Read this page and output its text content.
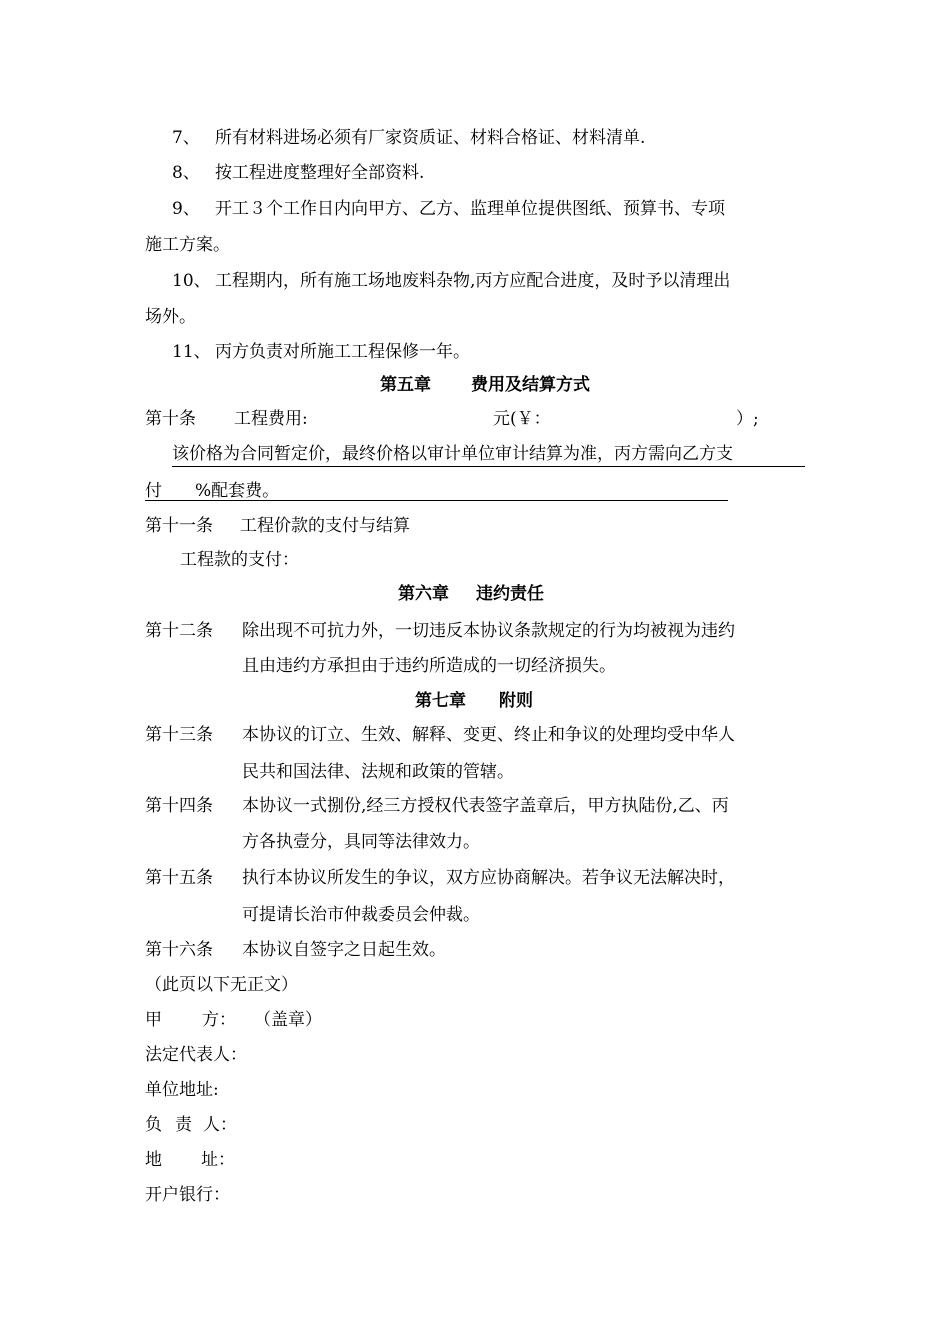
7、 所有材料进场必须有厂家资质证、材料合格证、材料清单.
8、 按工程进度整理好全部资料.
9、 开工３个工作日内向甲方、乙方、监理单位提供图纸、预算书、专项
施工方案。
10、 工程期内，所有施工场地废料杂物,丙方应配合进度，及时予以清理出
场外。
11、 丙方负责对所施工工程保修一年。
第五章 费用及结算方式
第十条 工程费用:	元(￥：	）;
该价格为合同暂定价，最终价格以审计单位审计结算为准，丙方需向乙方支
付 %配套费。
第十一条 工程价款的支付与结算
工程款的支付：
第六章 违约责任
第十二条 除出现不可抗力外，一切违反本协议条款规定的行为均被视为违约
且由违约方承担由于违约所造成的一切经济损失。
第七章 附则
第十三条 本协议的订立、生效、解释、变更、终止和争议的处理均受中华人
民共和国法律、法规和政策的管辖。
第十四条 本协议一式捌份,经三方授权代表签字盖章后，甲方执陆份,乙、丙
方各执壹分，具同等法律效力。
第十五条 执行本协议所发生的争议，双方应协商解决。若争议无法解决时，
可提请长治市仲裁委员会仲裁。
第十六条 本协议自签字之日起生效。
（此页以下无正文）
甲 方： （盖章）
法定代表人：
单位地址:
负 责 人：
地 址：
开户银行：
